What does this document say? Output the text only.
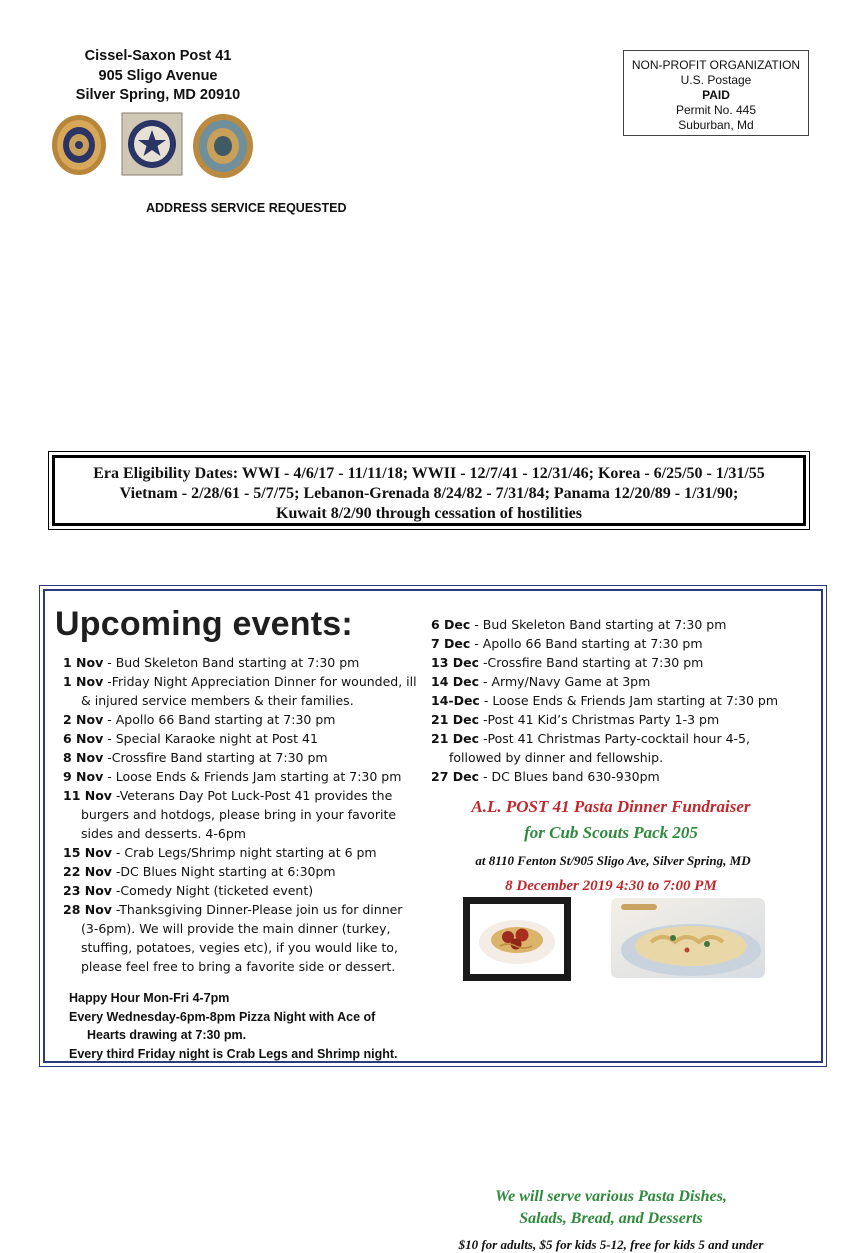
Cissel-Saxon Post 41
905 Sligo Avenue
Silver Spring, MD 20910
ADDRESS SERVICE REQUESTED
NON-PROFIT ORGANIZATION
U.S. Postage
PAID
Permit No. 445
Suburban, Md
Era Eligibility Dates: WWI - 4/6/17 - 11/11/18; WWII - 12/7/41 - 12/31/46; Korea - 6/25/50 - 1/31/55
Vietnam - 2/28/61 - 5/7/75; Lebanon-Grenada 8/24/82 - 7/31/84; Panama 12/20/89 - 1/31/90;
Kuwait 8/2/90 through cessation of hostilities
Upcoming events:

1 Nov - Bud Skeleton Band starting at 7:30 pm

1 Nov -Friday Night Appreciation Dinner for wounded, ill & injured service members & their families.

2 Nov - Apollo 66 Band starting at 7:30 pm

6 Nov - Special Karaoke night at Post 41

8 Nov -Crossfire Band starting at 7:30 pm

9 Nov - Loose Ends & Friends Jam starting at 7:30 pm

11 Nov -Veterans Day Pot Luck-Post 41 provides the burgers and hotdogs, please bring in your favorite sides and desserts. 4-6pm

15 Nov - Crab Legs/Shrimp night starting at 6 pm

22 Nov -DC Blues Night starting at 6:30pm

23 Nov -Comedy Night (ticketed event)

28 Nov -Thanksgiving Dinner-Please join us for dinner (3-6pm). We will provide the main dinner (turkey, stuffing, potatoes, vegies etc), if you would like to, please feel free to bring a favorite side or dessert.

Happy Hour Mon-Fri 4-7pm
Every Wednesday-6pm-8pm Pizza Night with Ace of
Hearts drawing at 7:30 pm.
Every third Friday night is Crab Legs and Shrimp night.

6 Dec - Bud Skeleton Band starting at 7:30 pm

7 Dec - Apollo 66 Band starting at 7:30 pm

13 Dec -Crossfire Band starting at 7:30 pm

14 Dec - Army/Navy Game at 3pm

14-Dec - Loose Ends & Friends Jam starting at 7:30 pm

21 Dec -Post 41 Kid’s Christmas Party 1-3 pm

21 Dec -Post 41 Christmas Party-cocktail hour 4-5, followed by dinner and fellowship.

27 Dec - DC Blues band 630-930pm

A.L. POST 41 Pasta Dinner Fundraiser
for Cub Scouts Pack 205
at 8110 Fenton St/905 Sligo Ave, Silver Spring, MD
8 December 2019 4:30 to 7:00 PM
We will serve various Pasta Dishes,
Salads, Bread, and Desserts
$10 for adults, $5 for kids 5-12, free for kids 5 and under
